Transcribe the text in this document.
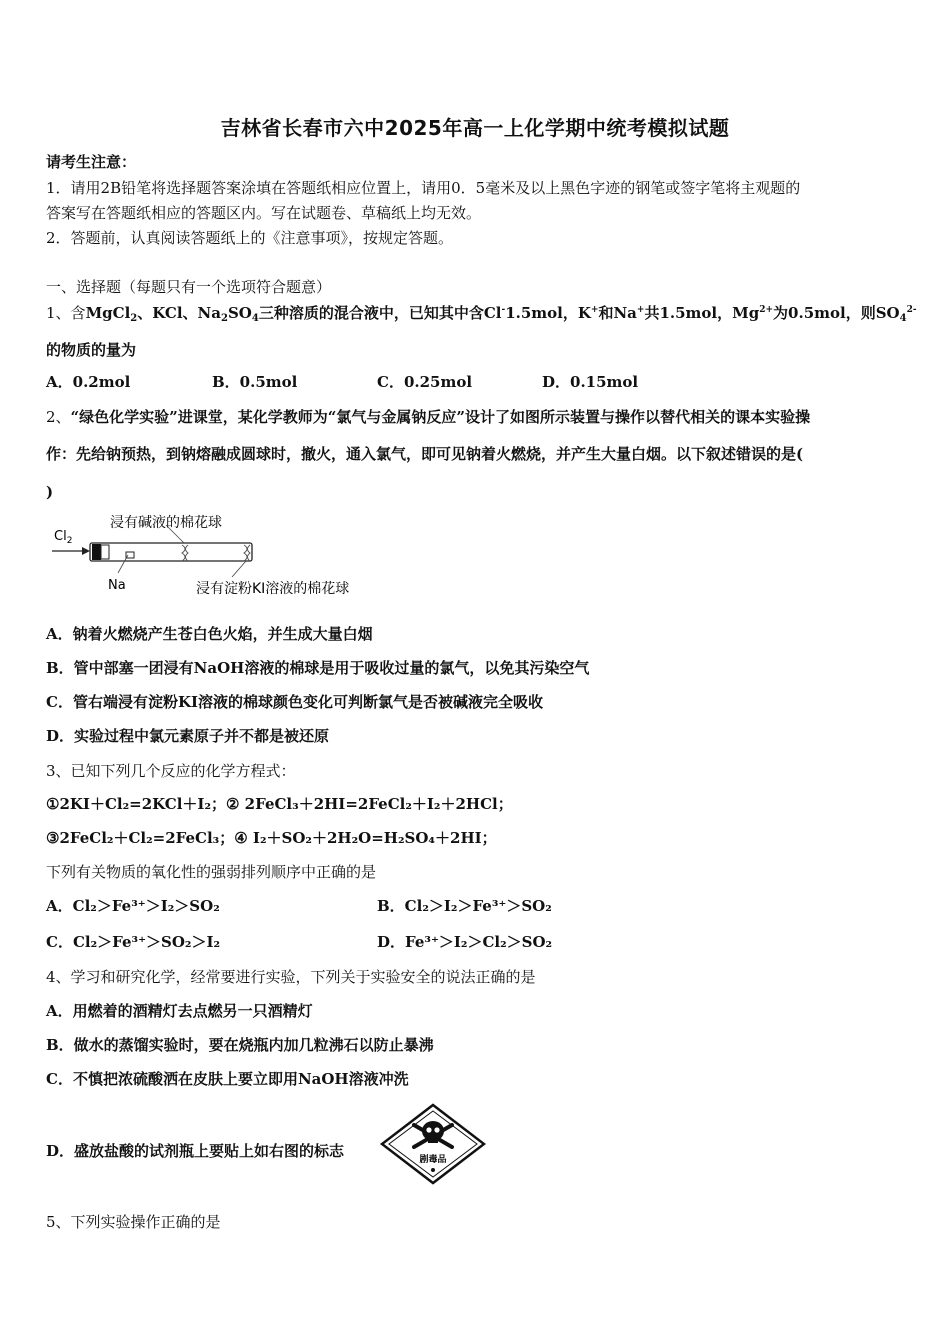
吉林省长春市六中2025年高一上化学期中统考模拟试题
请考生注意：
1．请用2B铅笔将选择题答案涂填在答题纸相应位置上，请用0．5毫米及以上黑色字迹的钢笔或签字笔将主观题的
答案写在答题纸相应的答题区内。写在试题卷、草稿纸上均无效。
2．答题前，认真阅读答题纸上的《注意事项》，按规定答题。
一、选择题（每题只有一个选项符合题意）
1、含MgCl$_2$、KCl、$Na_2SO_4$三种溶质的混合液中，已知其中含Cl-1.5mol，K+和Na+共1.5mol，$Mg^{2+}$为0.5mol，则$SO_4^{2-}$
的物质的量为
A．0.2mol	B．0.5mol	C．0.25mol	D．0.15mol
2、“绿色化学实验”进课堂，某化学教师为“氯气与金属钠反应”设计了如图所示装置与操作以替代相关的课本实验操
作：先给钠预热，到钠熔融成圆球时，撤火，通入氯气，即可见钠着火燃烧，并产生大量白烟。以下叙述错误的是(
)
$Cl_2$
浸有碱液的棉花球
Na	浸有淀粉KI溶液的棉花球
A．钠着火燃烧产生苍白色火焰，并生成大量白烟
B．管中部塞一团浸有NaOH溶液的棉球是用于吸收过量的氯气，以免其污染空气
C．管右端浸有淀粉KI溶液的棉球颜色变化可判断氯气是否被碱液完全吸收
D．实验过程中氯元素原子并不都是被还原
3、已知下列几个反应的化学方程式：
①2KI＋Cl₂=2KCl＋I₂；② 2FeCl₃＋2HI=2FeCl₂＋I₂＋2HCl；
③2FeCl₂＋Cl₂=2FeCl₃；④ I₂＋SO₂＋2H₂O=H₂SO₄＋2HI；
下列有关物质的氧化性的强弱排列顺序中正确的是
A．Cl₂＞Fe³⁺＞I₂＞SO₂	B．Cl₂＞I₂＞Fe³⁺＞SO₂
C．Cl₂＞Fe³⁺＞SO₂＞I₂	D．Fe³⁺＞I₂＞Cl₂＞SO₂
4、学习和研究化学，经常要进行实验，下列关于实验安全的说法正确的是
A．用燃着的酒精灯去点燃另一只酒精灯
B．做水的蒸馏实验时，要在烧瓶内加几粒沸石以防止暴沸
C．不慎把浓硫酸洒在皮肤上要立即用NaOH溶液冲洗
D．盛放盐酸的试剂瓶上要贴上如右图的标志	剧毒品
5、下列实验操作正确的是
